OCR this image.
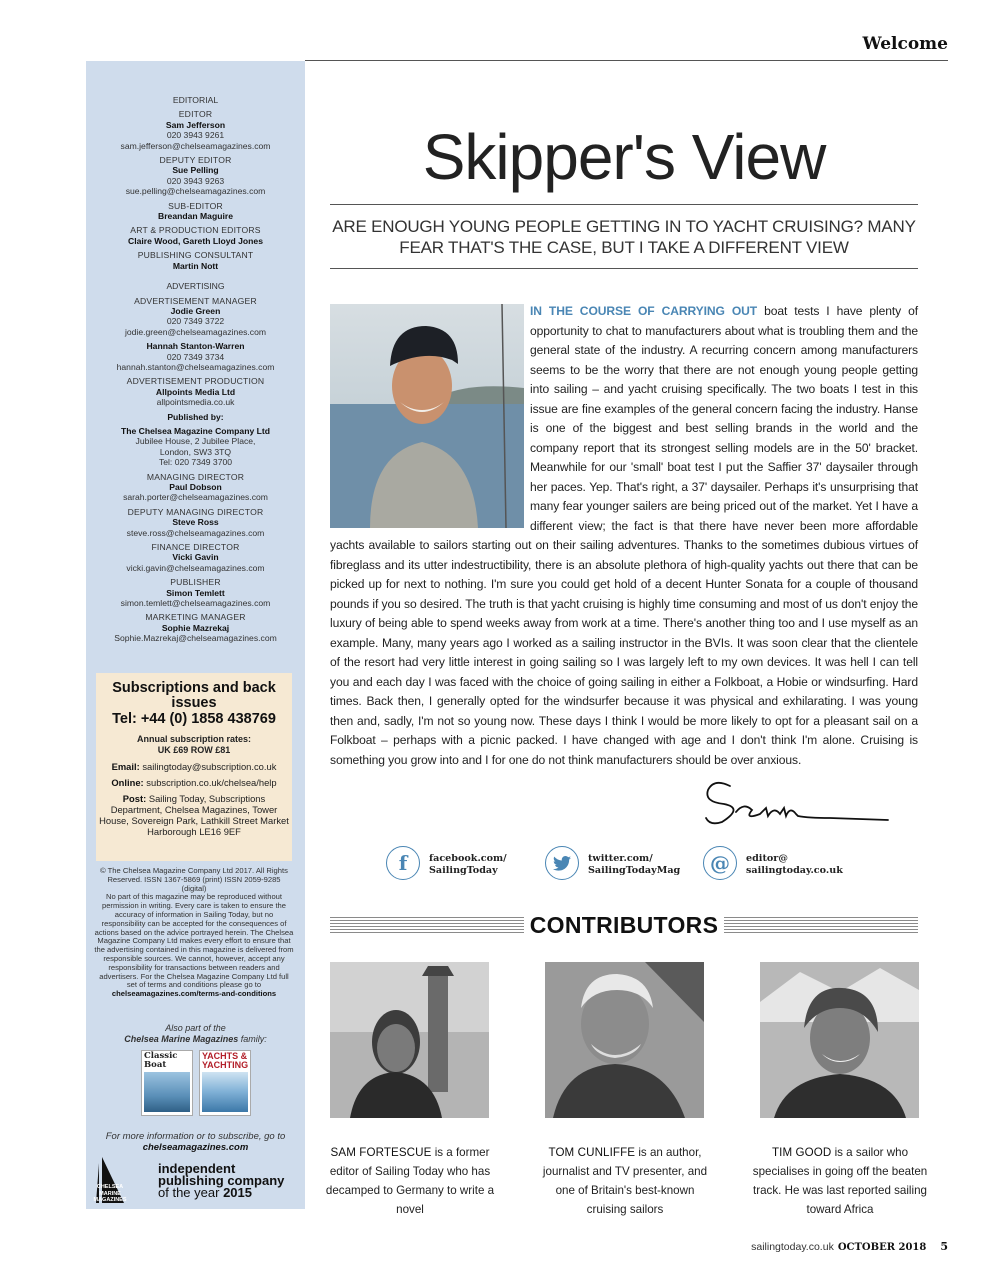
Welcome
EDITORIAL
EDITOR
Sam Jefferson
020 3943 9261
sam.jefferson@chelseamagazines.com
DEPUTY EDITOR
Sue Pelling
020 3943 9263
sue.pelling@chelseamagazines.com
SUB-EDITOR
Breandan Maguire
ART & PRODUCTION EDITORS
Claire Wood, Gareth Lloyd Jones
PUBLISHING CONSULTANT
Martin Nott
ADVERTISING
ADVERTISEMENT MANAGER
Jodie Green
020 7349 3722
jodie.green@chelseamagazines.com
Hannah Stanton-Warren
020 7349 3734
hannah.stanton@chelseamagazines.com
ADVERTISEMENT PRODUCTION
Allpoints Media Ltd
allpointsmedia.co.uk
Published by:
The Chelsea Magazine Company Ltd
Jubilee House, 2 Jubilee Place,
London, SW3 3TQ
Tel: 020 7349 3700
MANAGING DIRECTOR
Paul Dobson
sarah.porter@chelseamagazines.com
DEPUTY MANAGING DIRECTOR
Steve Ross
steve.ross@chelseamagazines.com
FINANCE DIRECTOR
Vicki Gavin
vicki.gavin@chelseamagazines.com
PUBLISHER
Simon Temlett
simon.temlett@chelseamagazines.com
MARKETING MANAGER
Sophie Mazrekaj
Sophie.Mazrekaj@chelseamagazines.com
Subscriptions and back issues
Tel: +44 (0) 1858 438769
Annual subscription rates:
UK £69 ROW £81
Email: sailingtoday@subscription.co.uk
Online: subscription.co.uk/chelsea/help
Post: Sailing Today, Subscriptions Department, Chelsea Magazines, Tower House, Sovereign Park, Lathkill Street Market Harborough LE16 9EF
© The Chelsea Magazine Company Ltd 2017. All Rights Reserved. ISSN 1367-5869 (print) ISSN 2059-9285 (digital)
No part of this magazine may be reproduced without permission in writing. Every care is taken to ensure the accuracy of information in Sailing Today, but no responsibility can be accepted for the consequences of actions based on the advice portrayed herein. The Chelsea Magazine Company Ltd makes every effort to ensure that the advertising contained in this magazine is delivered from responsible sources. We cannot, however, accept any responsibility for transactions between readers and advertisers. For the Chelsea Magazine Company Ltd full set of terms and conditions please go to
chelseamagazines.com/terms-and-conditions
Also part of the
Chelsea Marine Magazines family:
Classic Boat
YACHTS & YACHTING
For more information or to subscribe, go to
chelseamagazines.com
CHELSEA MARINE MAGAZINES
independent
publishing company
of the year 2015
Skipper's View
ARE ENOUGH YOUNG PEOPLE GETTING IN TO YACHT CRUISING? MANY FEAR THAT'S THE CASE, BUT I TAKE A DIFFERENT VIEW
IN THE COURSE OF CARRYING OUT boat tests I have plenty of opportunity to chat to manufacturers about what is troubling them and the general state of the industry. A recurring concern among manufacturers seems to be the worry that there are not enough young people getting into sailing – and yacht cruising specifically. The two boats I test in this issue are fine examples of the general concern facing the industry. Hanse is one of the biggest and best selling brands in the world and the company report that its strongest selling models are in the 50' bracket. Meanwhile for our 'small' boat test I put the Saffier 37' daysailer through her paces. Yep. That's right, a 37' daysailer. Perhaps it's unsurprising that many fear younger sailers are being priced out of the market. Yet I have a different view; the fact is that there have never been more affordable yachts available to sailors starting out on their sailing adventures. Thanks to the sometimes dubious virtues of fibreglass and its utter indestructibility, there is an absolute plethora of high-quality yachts out there that can be picked up for next to nothing. I'm sure you could get hold of a decent Hunter Sonata for a couple of thousand pounds if you so desired. The truth is that yacht cruising is highly time consuming and most of us don't enjoy the luxury of being able to spend weeks away from work at a time. There's another thing too and I use myself as an example. Many, many years ago I worked as a sailing instructor in the BVIs. It was soon clear that the clientele of the resort had very little interest in going sailing so I was largely left to my own devices. It was hell I can tell you and each day I was faced with the choice of going sailing in either a Folkboat, a Hobie or windsurfing. Hard times. Back then, I generally opted for the windsurfer because it was physical and exhilarating. I was young then and, sadly, I'm not so young now. These days I think I would be more likely to opt for a pleasant sail on a Folkboat – perhaps with a picnic packed. I have changed with age and I don't think I'm alone. Cruising is something you grow into and I for one do not think manufacturers should be over anxious.
f	facebook.com/
SailingToday
twitter.com/
SailingTodayMag	@	editor@
sailingtoday.co.uk
CONTRIBUTORS
SAM FORTESCUE is a former editor of Sailing Today who has decamped to Germany to write a novel
TOM CUNLIFFE is an author, journalist and TV presenter, and one of Britain's best-known cruising sailors
TIM GOOD is a sailor who specialises in going off the beaten track. He was last reported sailing toward Africa
sailingtoday.co.uk OCTOBER 2018 5
